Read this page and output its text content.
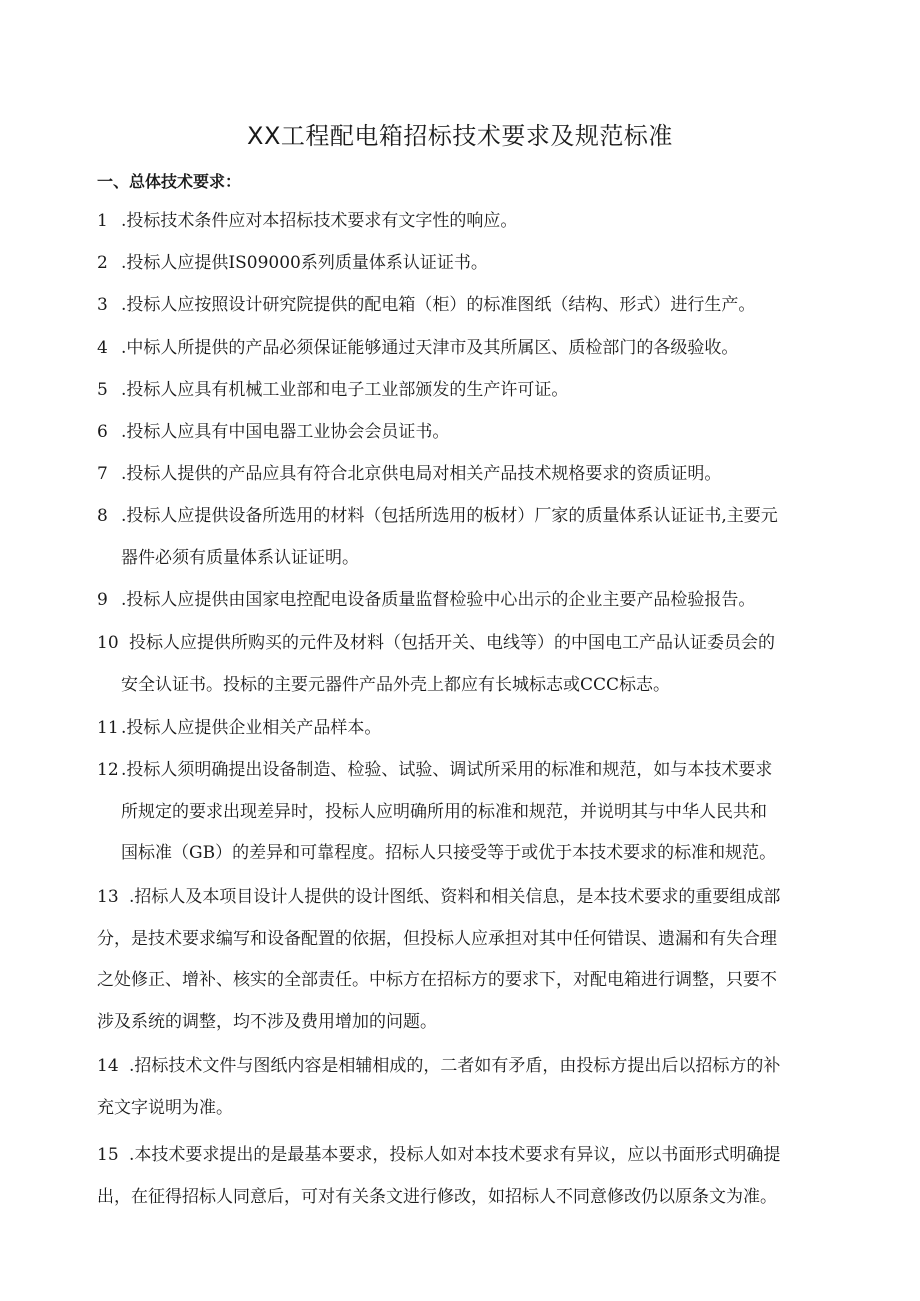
XX工程配电箱招标技术要求及规范标准
一、总体技术要求：

1 .投标技术条件应对本招标技术要求有文字性的响应。

2 .投标人应提供IS09000系列质量体系认证证书。

3 .投标人应按照设计研究院提供的配电箱（柜）的标准图纸（结构、形式）进行生产。

4 .中标人所提供的产品必须保证能够通过天津市及其所属区、质检部门的各级验收。

5 .投标人应具有机械工业部和电子工业部颁发的生产许可证。

6 .投标人应具有中国电器工业协会会员证书。

7 .投标人提供的产品应具有符合北京供电局对相关产品技术规格要求的资质证明。

8 .投标人应提供设备所选用的材料（包括所选用的板材）厂家的质量体系认证证书,主要元
器件必须有质量体系认证证明。

9 .投标人应提供由国家电控配电设备质量监督检验中心出示的企业主要产品检验报告。

10 投标人应提供所购买的元件及材料（包括开关、电线等）的中国电工产品认证委员会的
安全认证书。投标的主要元器件产品外壳上都应有长城标志或CCC标志。

11 .投标人应提供企业相关产品样本。

12 .投标人须明确提出设备制造、检验、试验、调试所采用的标准和规范，如与本技术要求
所规定的要求出现差异时，投标人应明确所用的标准和规范，并说明其与中华人民共和
国标准（GB）的差异和可靠程度。招标人只接受等于或优于本技术要求的标准和规范。

13 .招标人及本项目设计人提供的设计图纸、资料和相关信息，是本技术要求的重要组成部
分，是技术要求编写和设备配置的依据，但投标人应承担对其中任何错误、遗漏和有失合理
之处修正、增补、核实的全部责任。中标方在招标方的要求下，对配电箱进行调整，只要不
涉及系统的调整，均不涉及费用增加的问题。

14 .招标技术文件与图纸内容是相辅相成的，二者如有矛盾，由投标方提出后以招标方的补
充文字说明为准。

15 .本技术要求提出的是最基本要求，投标人如对本技术要求有异议，应以书面形式明确提
出，在征得招标人同意后，可对有关条文进行修改，如招标人不同意修改仍以原条文为准。
